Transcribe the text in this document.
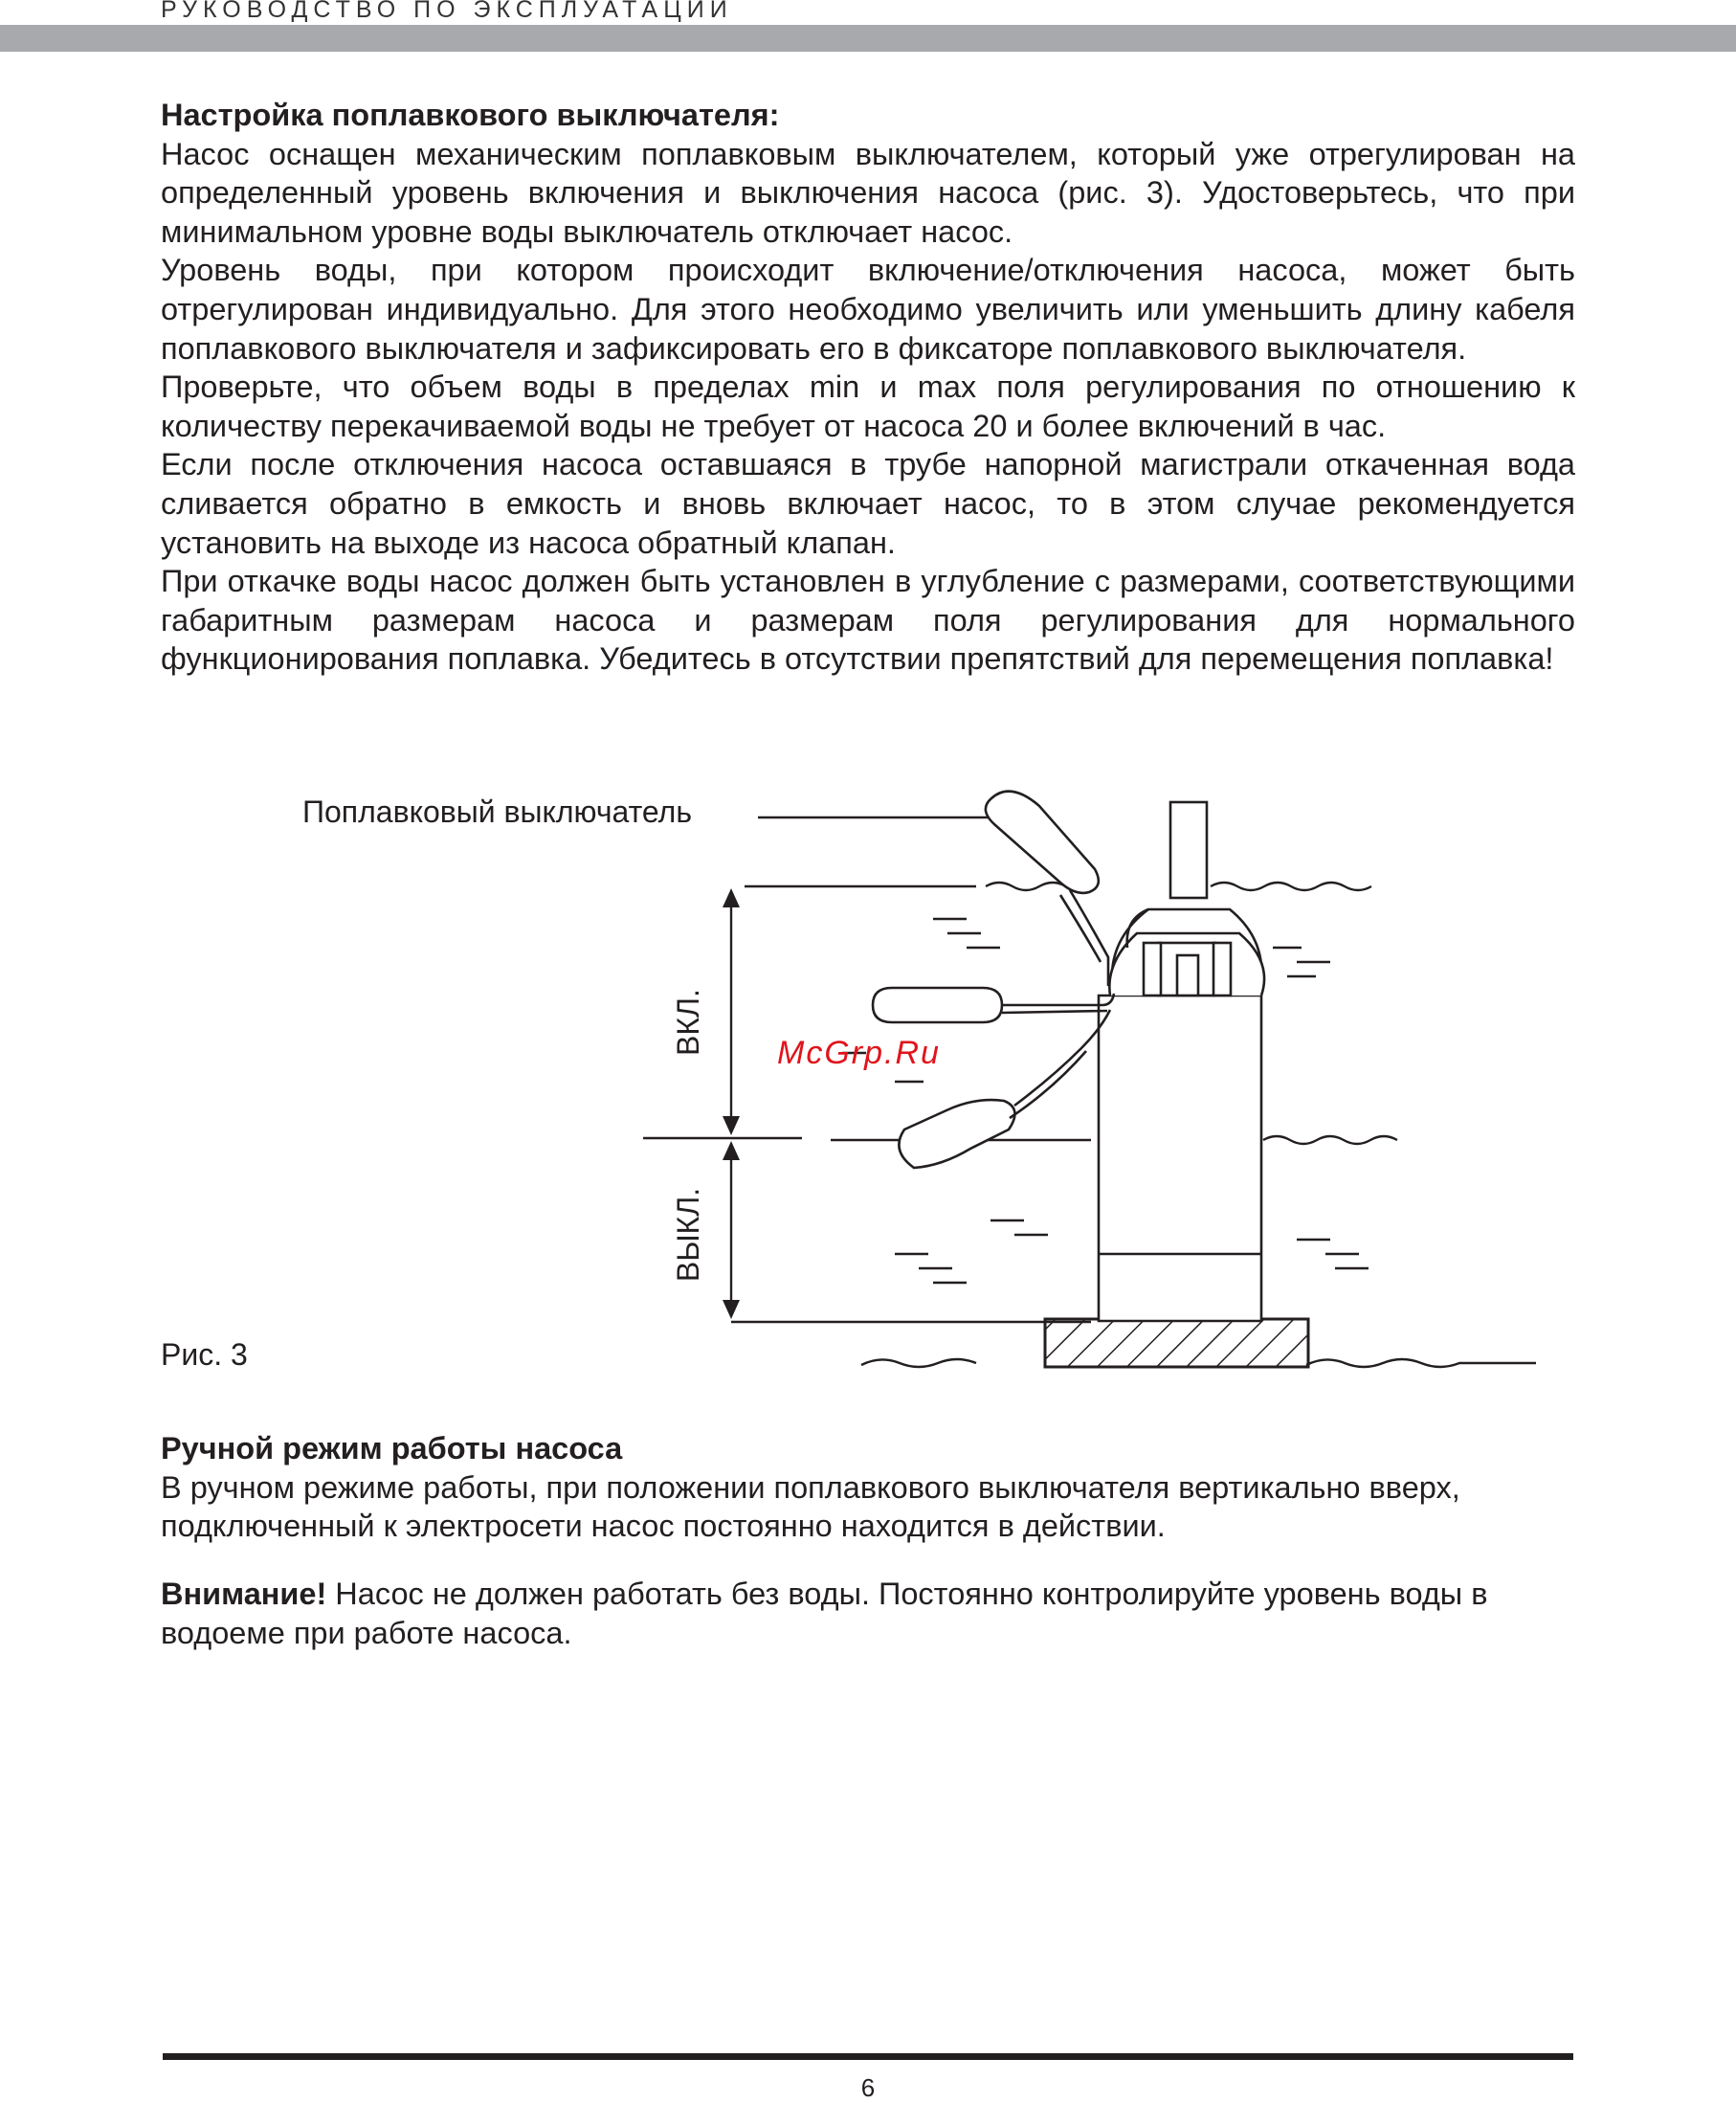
РУКОВОДСТВО ПО ЭКСПЛУАТАЦИИ

Настройка поплавкового выключателя:

Насос оснащен механическим поплавковым выключателем, который уже отрегулирован на определенный уровень включения и выключения насоса (рис. 3). Удостоверьтесь, что при минимальном уровне воды выключатель отключает насос.

Уровень воды, при котором происходит включение/отключения насоса, может быть отрегулирован индивидуально. Для этого необходимо увеличить или уменьшить длину кабеля поплавкового выключателя и зафиксировать его в фиксаторе поплавкового выключателя.

Проверьте, что объем воды в пределах min и max поля регулирования по отношению к количеству перекачиваемой воды не требует от насоса 20 и более включений в час.

Если после отключения насоса оставшаяся в трубе напорной магистрали откаченная вода сливается обратно в емкость и вновь включает насос, то в этом случае рекомендуется установить на выходе из насоса обратный клапан.

При откачке воды насос должен быть установлен в углубление с размерами, соответствующими габаритным размерам насоса и размерам поля регулирования для нормального функционирования поплавка. Убедитесь в отсутствии препятствий для перемещения поплавка!

Поплавковый выключатель
ВКЛ.
ВЫКЛ.
McGrp.Ru
Рис. 3

Ручной режим работы насоса

В ручном режиме работы, при положении поплавкового выключателя вертикально вверх, подключенный к электросети насос постоянно находится в действии.

Внимание! Насос не должен работать без воды. Постоянно контролируйте уровень воды в водоеме при работе насоса.

6
